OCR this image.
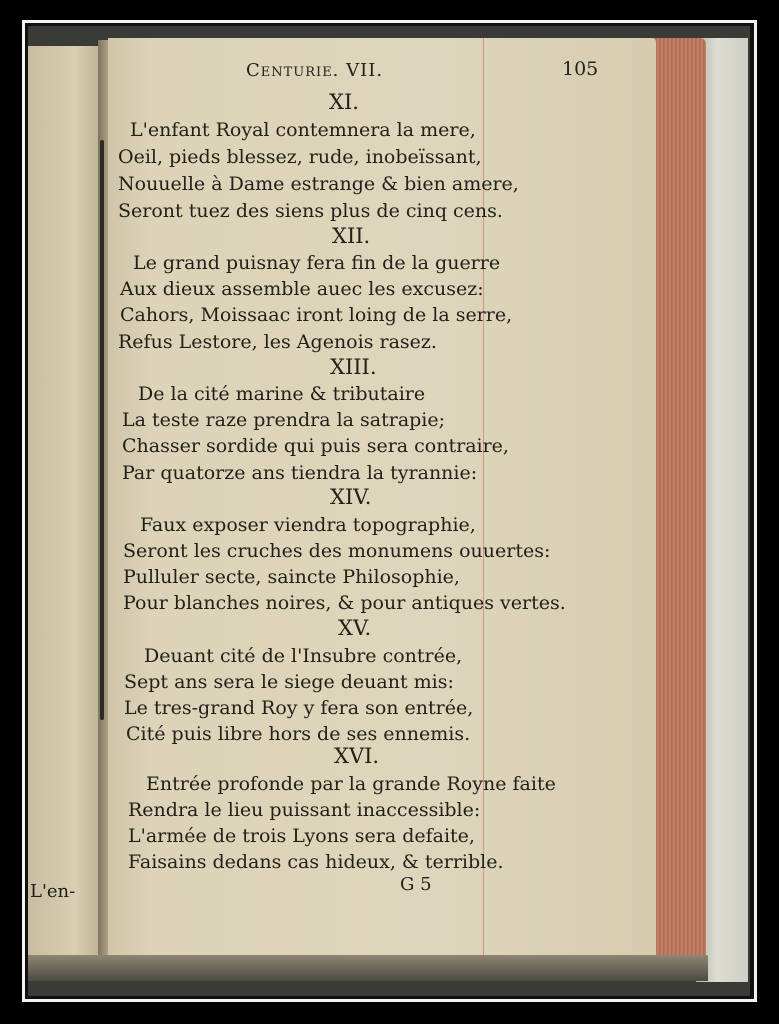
Centurie. VII.	105
XI.
L'enfant Royal contemnera la mere,
Oeil, pieds blessez, rude, inobeïssant,
Nouuelle à Dame estrange & bien amere,
Seront tuez des siens plus de cinq cens.
XII.
Le grand puisnay fera fin de la guerre
Aux dieux assemble auec les excusez:
Cahors, Moissaac iront loing de la serre,
Refus Lestore, les Agenois rasez.
XIII.
De la cité marine & tributaire
La teste raze prendra la satrapie;
Chasser sordide qui puis sera contraire,
Par quatorze ans tiendra la tyrannie:
XIV.
Faux exposer viendra topographie,
Seront les cruches des monumens ouuertes:
Pulluler secte, saincte Philosophie,
Pour blanches noires, & pour antiques vertes.
XV.
Deuant cité de l'Insubre contrée,
Sept ans sera le siege deuant mis:
Le tres-grand Roy y fera son entrée,
Cité puis libre hors de ses ennemis.
XVI.
Entrée profonde par la grande Royne faite
Rendra le lieu puissant inaccessible:
L'armée de trois Lyons sera defaite,
Faisains dedans cas hideux, & terrible.
G 5
L'en-
